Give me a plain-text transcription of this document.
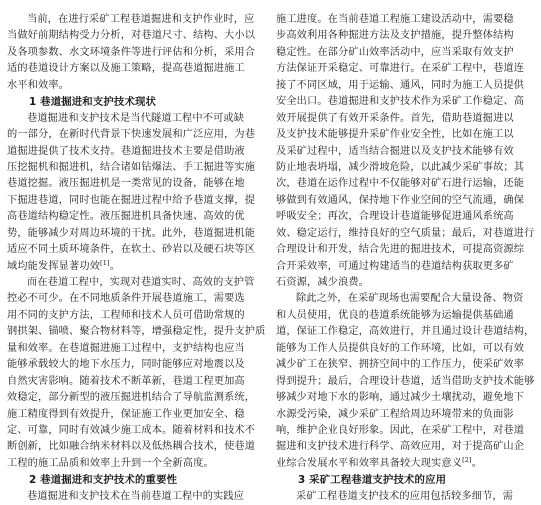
当前，在进行采矿工程巷道掘进和支护作业时，应
当做好前期结构受力分析，对巷道尺寸、结构、大小以
及各项参数、水文环境条件等进行评估和分析，采用合
适的巷道设计方案以及施工策略，提高巷道掘进施工
水平和效率。
1 巷道掘进和支护技术现状
巷道掘进和支护技术是当代隧道工程中不可或缺
的一部分，在新时代背景下快速发展和广泛应用，为巷
道掘进提供了技术支持。巷道掘进技术主要是借助液
压挖掘机和掘进机，结合诸如钻爆法、手工掘进等实施
巷道挖掘。液压掘进机是一类常见的设备，能够在地
下掘进巷道，同时也能在掘进过程中给予巷道支撑，提
高巷道结构稳定性。液压掘进机具备快速、高效的优
势，能够减少对周边环境的干扰。此外，巷道掘进机能
适应不同土质环境条件，在软土、砂岩以及硬石块等区
域均能发挥显著功效[1]。
而在巷道工程中，实现对巷道实时、高效的支护管
控必不可少。在不同地质条件开展巷道施工，需要选
用不同的支护方法，工程师和技术人员可借助常规的
钢拱架、锚喷、聚合物材料等，增强稳定性，提升支护质
量和效率。在巷道掘进施工过程中，支护结构也应当
能够承载较大的地下水压力，同时能够应对地震以及
自然灾害影响。随着技术不断革新，巷道工程更加高
效稳定，部分新型的液压掘进机结合了导航监测系统，
施工精度得到有效提升，保证施工作业更加安全、稳
定、可靠，同时有效减少施工成本。随着材料和技术不
断创新，比如融合纳米材料以及低热耦合技术，使巷道
工程的施工品质和效率上升到一个全新高度。
2 巷道掘进和支护技术的重要性
巷道掘进和支护技术在当前巷道工程中的实践应
施工进度。在当前巷道工程施工建设活动中，需要稳
步高效利用各种掘进方法及支护措施，提升整体结构
稳定性。在部分矿山效率活动中，应当采取有效支护
方法保证开采稳定、可靠进行。在采矿工程中，巷道连
接了不同区域，用于运输、通风，同时为施工人员提供
安全出口。巷道掘进和支护技术作为采矿工作稳定、高
效开展提供了有效开采条件。首先，借助巷道掘进以
及支护技术能够提升采矿作业安全性，比如在施工以
及采矿过程中，适当结合掘进以及支护技术能够有效
防止地表坍塌，减少滑坡危险，以此减少采矿事故；其
次，巷道在运作过程中不仅能够对矿石进行运输，还能
够做到有效通风，保持地下作业空间的空气流通，确保
呼吸安全；再次，合理设计巷道能够促进通风系统高
效、稳定运行，维持良好的空气质量；最后，对巷道进行
合理设计和开发，结合先进的掘进技术，可提高资源综
合开采效率，可通过构建适当的巷道结构获取更多矿
石资源，减少浪费。
除此之外，在采矿现场也需要配合大量设备、物资
和人员使用，优良的巷道系统能够为运输提供基础通
道，保证工作稳定，高效进行，并且通过设计巷道结构，
能够为工作人员提供良好的工作环境，比如，可以有效
减少矿工在狭窄、拥挤空间中的工作压力，使采矿效率
得到提升；最后，合理设计巷道，适当借助支护技术能够
够减少对地下水的影响，通过减少土壤扰动，避免地下
水源受污染，减少采矿工程给周边环境带来的负面影
响，维护企业良好形象。因此，在采矿工程中，对巷道
掘进和支护技术进行科学、高效应用，对于提高矿山企
业综合发展水平和效率具备较大现实意义[2]。
3 采矿工程巷道支护技术的应用
采矿工程巷道支护技术的应用包括较多细节，需
